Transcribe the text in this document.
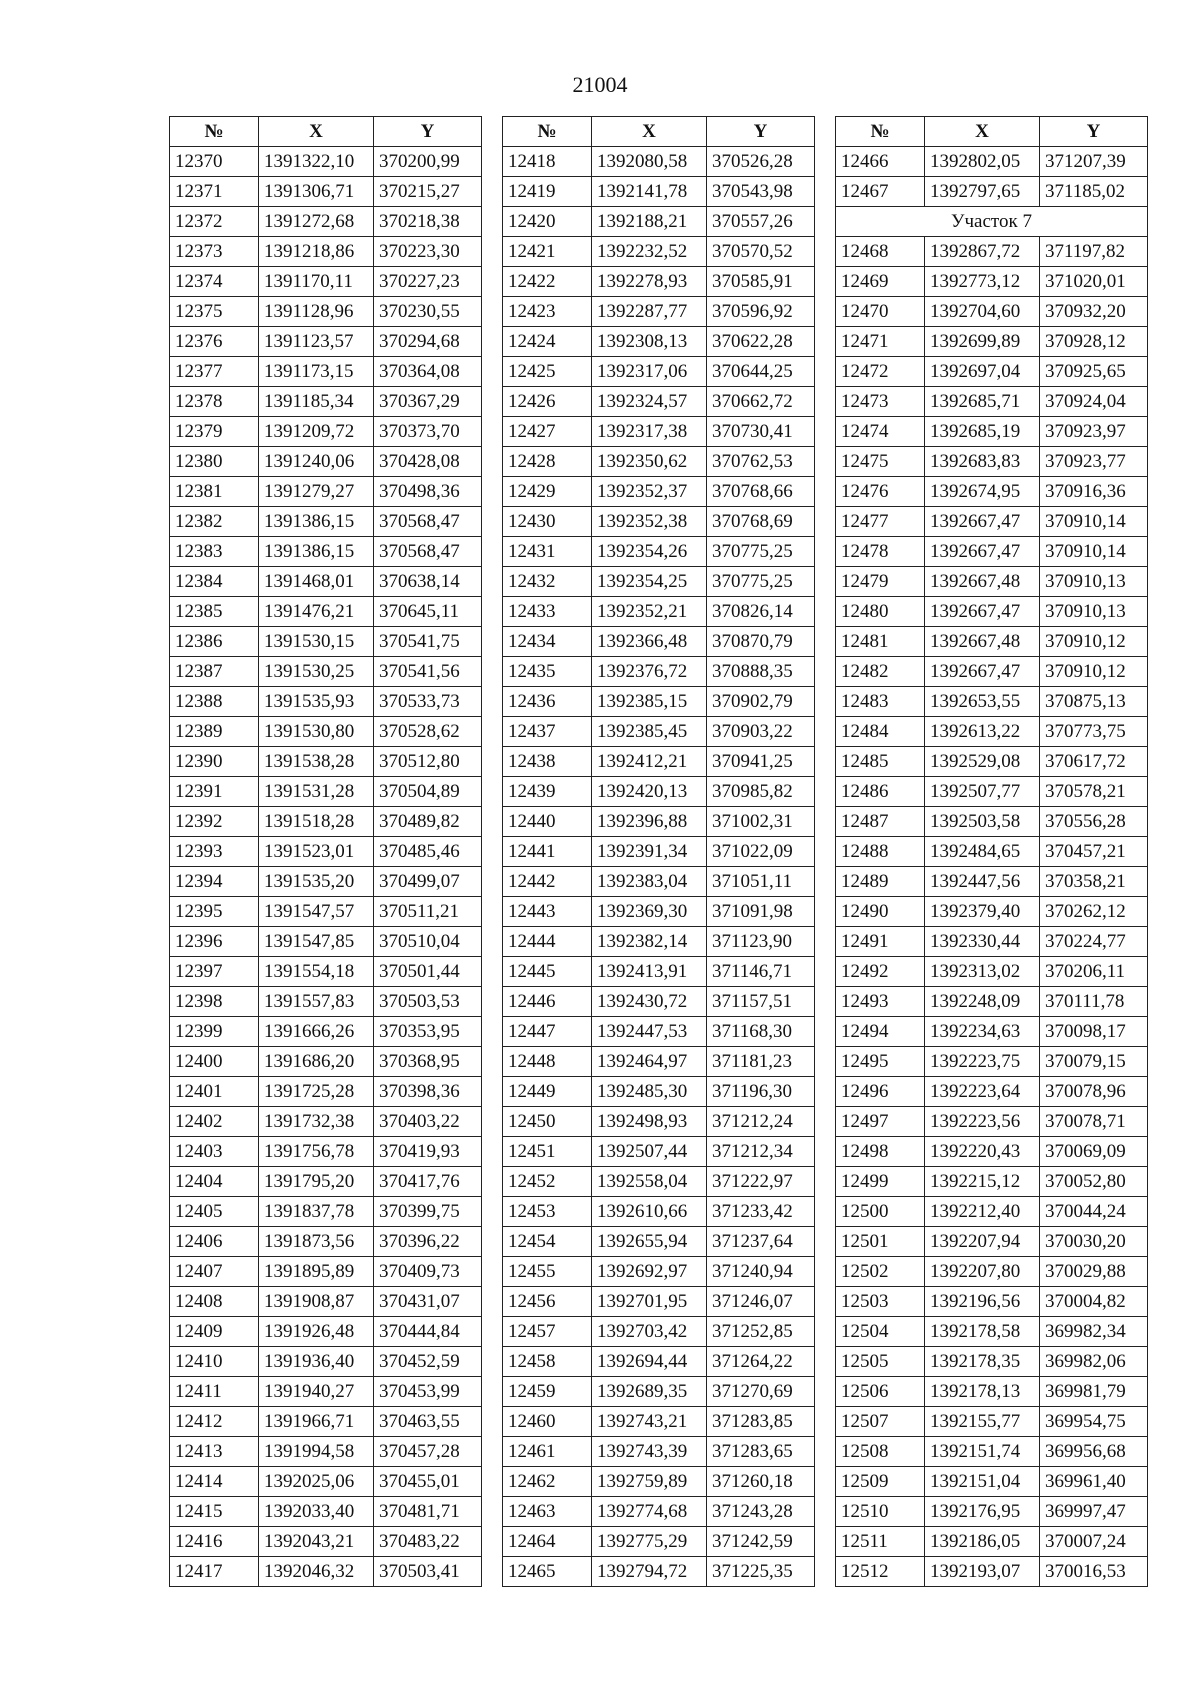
21004
№	X	Y
12370	1391322,10	370200,99
12371	1391306,71	370215,27
12372	1391272,68	370218,38
12373	1391218,86	370223,30
12374	1391170,11	370227,23
12375	1391128,96	370230,55
12376	1391123,57	370294,68
12377	1391173,15	370364,08
12378	1391185,34	370367,29
12379	1391209,72	370373,70
12380	1391240,06	370428,08
12381	1391279,27	370498,36
12382	1391386,15	370568,47
12383	1391386,15	370568,47
12384	1391468,01	370638,14
12385	1391476,21	370645,11
12386	1391530,15	370541,75
12387	1391530,25	370541,56
12388	1391535,93	370533,73
12389	1391530,80	370528,62
12390	1391538,28	370512,80
12391	1391531,28	370504,89
12392	1391518,28	370489,82
12393	1391523,01	370485,46
12394	1391535,20	370499,07
12395	1391547,57	370511,21
12396	1391547,85	370510,04
12397	1391554,18	370501,44
12398	1391557,83	370503,53
12399	1391666,26	370353,95
12400	1391686,20	370368,95
12401	1391725,28	370398,36
12402	1391732,38	370403,22
12403	1391756,78	370419,93
12404	1391795,20	370417,76
12405	1391837,78	370399,75
12406	1391873,56	370396,22
12407	1391895,89	370409,73
12408	1391908,87	370431,07
12409	1391926,48	370444,84
12410	1391936,40	370452,59
12411	1391940,27	370453,99
12412	1391966,71	370463,55
12413	1391994,58	370457,28
12414	1392025,06	370455,01
12415	1392033,40	370481,71
12416	1392043,21	370483,22
12417	1392046,32	370503,41
№	X	Y
12418	1392080,58	370526,28
12419	1392141,78	370543,98
12420	1392188,21	370557,26
12421	1392232,52	370570,52
12422	1392278,93	370585,91
12423	1392287,77	370596,92
12424	1392308,13	370622,28
12425	1392317,06	370644,25
12426	1392324,57	370662,72
12427	1392317,38	370730,41
12428	1392350,62	370762,53
12429	1392352,37	370768,66
12430	1392352,38	370768,69
12431	1392354,26	370775,25
12432	1392354,25	370775,25
12433	1392352,21	370826,14
12434	1392366,48	370870,79
12435	1392376,72	370888,35
12436	1392385,15	370902,79
12437	1392385,45	370903,22
12438	1392412,21	370941,25
12439	1392420,13	370985,82
12440	1392396,88	371002,31
12441	1392391,34	371022,09
12442	1392383,04	371051,11
12443	1392369,30	371091,98
12444	1392382,14	371123,90
12445	1392413,91	371146,71
12446	1392430,72	371157,51
12447	1392447,53	371168,30
12448	1392464,97	371181,23
12449	1392485,30	371196,30
12450	1392498,93	371212,24
12451	1392507,44	371212,34
12452	1392558,04	371222,97
12453	1392610,66	371233,42
12454	1392655,94	371237,64
12455	1392692,97	371240,94
12456	1392701,95	371246,07
12457	1392703,42	371252,85
12458	1392694,44	371264,22
12459	1392689,35	371270,69
12460	1392743,21	371283,85
12461	1392743,39	371283,65
12462	1392759,89	371260,18
12463	1392774,68	371243,28
12464	1392775,29	371242,59
12465	1392794,72	371225,35
№	X	Y
12466	1392802,05	371207,39
12467	1392797,65	371185,02
Участок 7		
12468	1392867,72	371197,82
12469	1392773,12	371020,01
12470	1392704,60	370932,20
12471	1392699,89	370928,12
12472	1392697,04	370925,65
12473	1392685,71	370924,04
12474	1392685,19	370923,97
12475	1392683,83	370923,77
12476	1392674,95	370916,36
12477	1392667,47	370910,14
12478	1392667,47	370910,14
12479	1392667,48	370910,13
12480	1392667,47	370910,13
12481	1392667,48	370910,12
12482	1392667,47	370910,12
12483	1392653,55	370875,13
12484	1392613,22	370773,75
12485	1392529,08	370617,72
12486	1392507,77	370578,21
12487	1392503,58	370556,28
12488	1392484,65	370457,21
12489	1392447,56	370358,21
12490	1392379,40	370262,12
12491	1392330,44	370224,77
12492	1392313,02	370206,11
12493	1392248,09	370111,78
12494	1392234,63	370098,17
12495	1392223,75	370079,15
12496	1392223,64	370078,96
12497	1392223,56	370078,71
12498	1392220,43	370069,09
12499	1392215,12	370052,80
12500	1392212,40	370044,24
12501	1392207,94	370030,20
12502	1392207,80	370029,88
12503	1392196,56	370004,82
12504	1392178,58	369982,34
12505	1392178,35	369982,06
12506	1392178,13	369981,79
12507	1392155,77	369954,75
12508	1392151,74	369956,68
12509	1392151,04	369961,40
12510	1392176,95	369997,47
12511	1392186,05	370007,24
12512	1392193,07	370016,53
